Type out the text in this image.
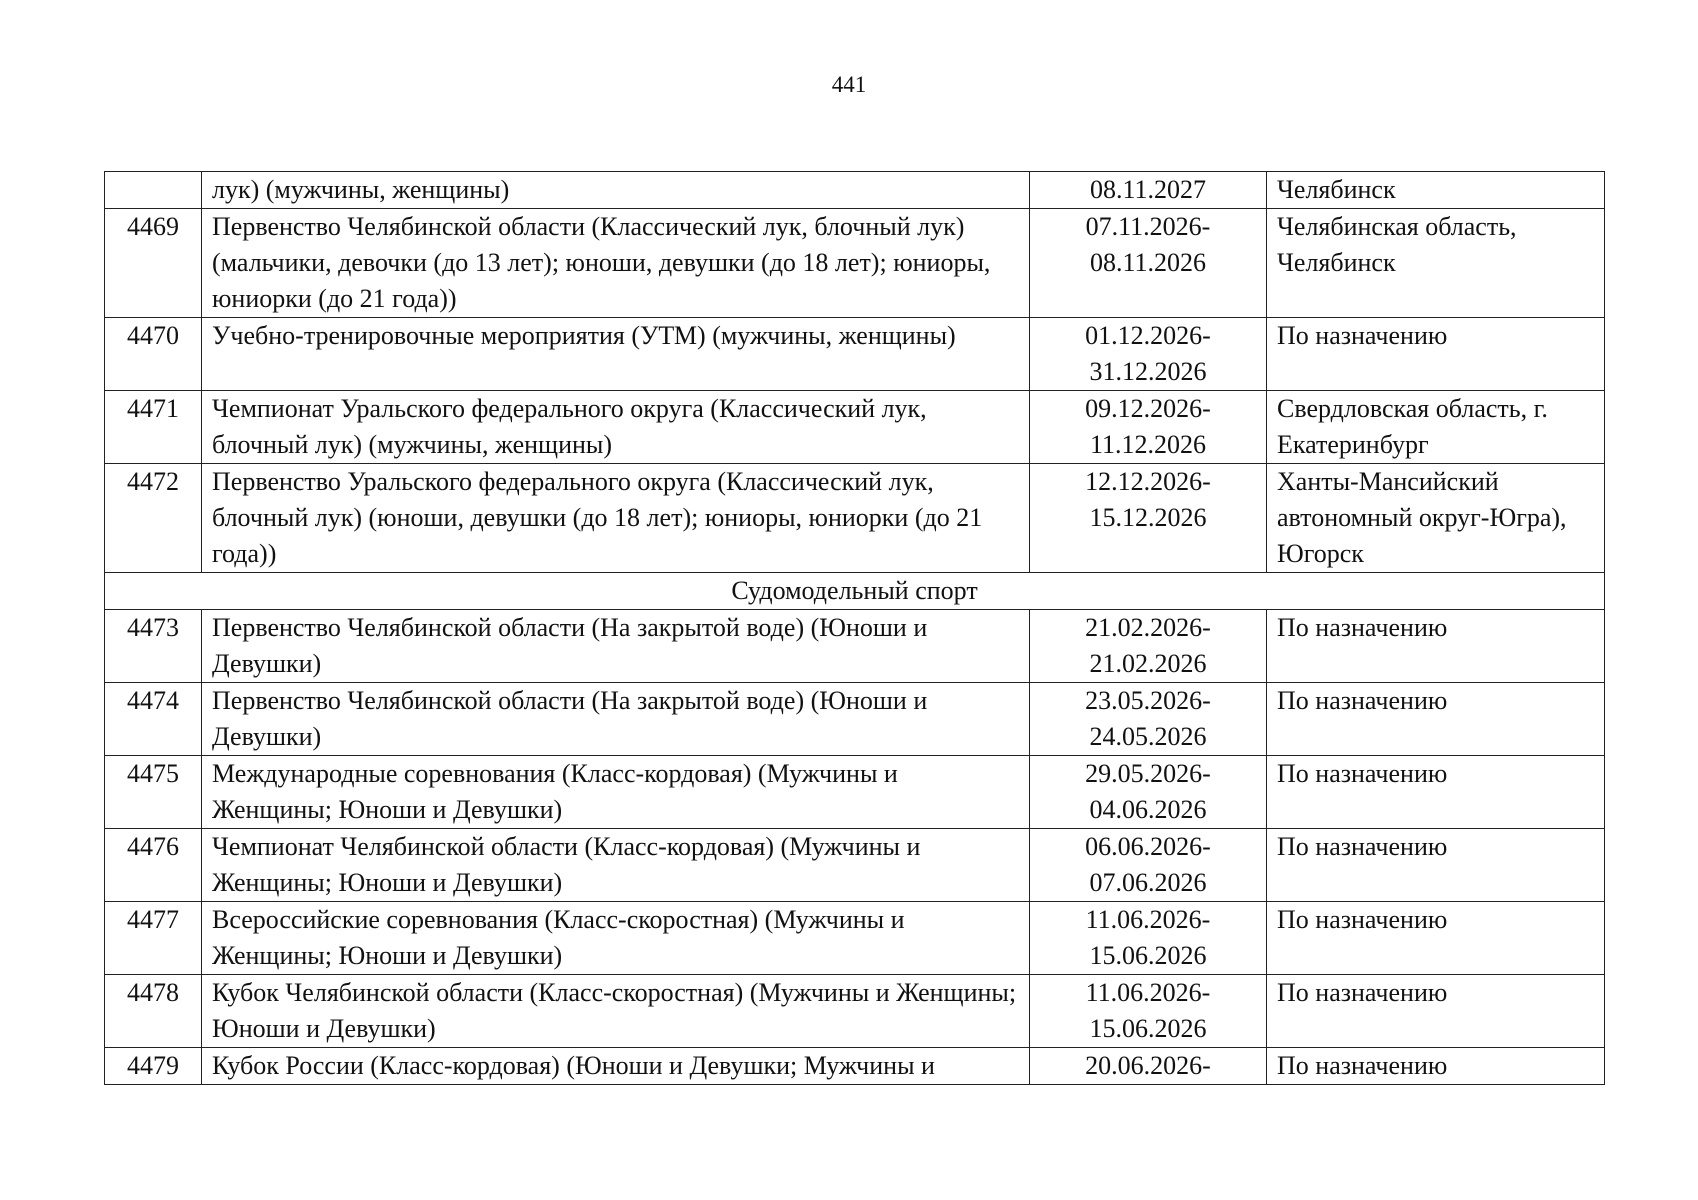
441
	лук) (мужчины, женщины)	08.11.2027	Челябинск
4469	Первенство Челябинской области (Классический лук, блочный лук) (мальчики, девочки (до 13 лет); юноши, девушки (до 18 лет); юниоры, юниорки (до 21 года))	07.11.2026-08.11.2026	Челябинская область, Челябинск
4470	Учебно-тренировочные мероприятия (УТМ) (мужчины, женщины)	01.12.2026-31.12.2026	По назначению
4471	Чемпионат Уральского федерального округа (Классический лук, блочный лук) (мужчины, женщины)	09.12.2026-11.12.2026	Свердловская область, г. Екатеринбург
4472	Первенство Уральского федерального округа (Классический лук, блочный лук) (юноши, девушки (до 18 лет); юниоры, юниорки (до 21 года))	12.12.2026-15.12.2026	Ханты-Мансийский автономный округ-Югра), Югорск
Судомодельный спорт			
4473	Первенство Челябинской области (На закрытой воде) (Юноши и Девушки)	21.02.2026-21.02.2026	По назначению
4474	Первенство Челябинской области (На закрытой воде) (Юноши и Девушки)	23.05.2026-24.05.2026	По назначению
4475	Международные соревнования (Класс-кордовая) (Мужчины и Женщины; Юноши и Девушки)	29.05.2026-04.06.2026	По назначению
4476	Чемпионат Челябинской области (Класс-кордовая) (Мужчины и Женщины; Юноши и Девушки)	06.06.2026-07.06.2026	По назначению
4477	Всероссийские соревнования (Класс-скоростная) (Мужчины и Женщины; Юноши и Девушки)	11.06.2026-15.06.2026	По назначению
4478	Кубок Челябинской области (Класс-скоростная) (Мужчины и Женщины; Юноши и Девушки)	11.06.2026-15.06.2026	По назначению
4479	Кубок России (Класс-кордовая) (Юноши и Девушки; Мужчины и	20.06.2026-	По назначению
